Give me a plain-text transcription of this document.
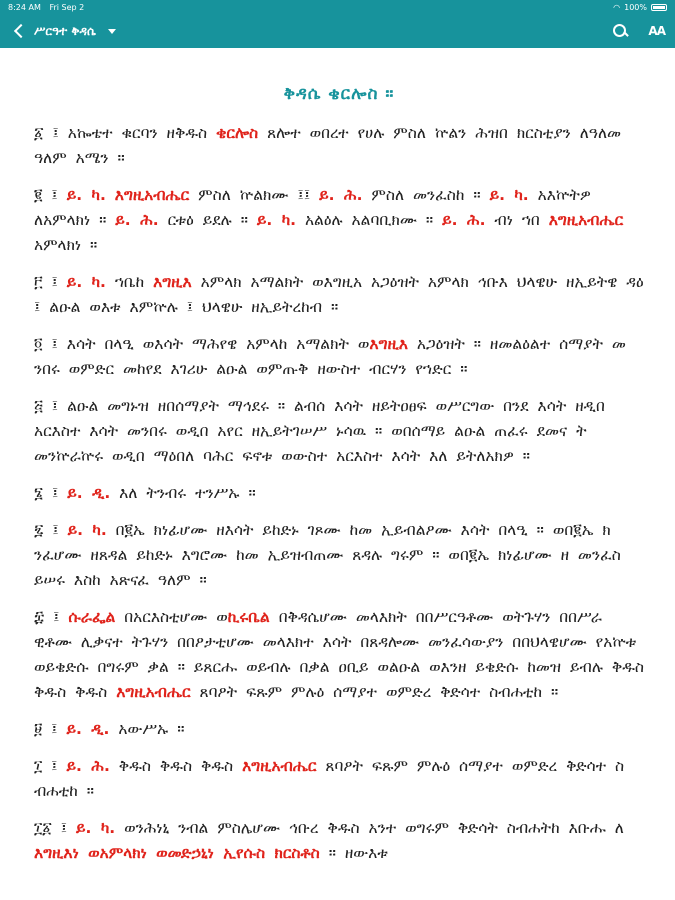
8:24 AM Fri Sep 2	◠ 100%
ሥርዓተ ቅዳሴ	AA
ቅዳሴ ቄርሎስ ።

፩ ፤ አኰቴተ ቁርባን ዘቅዱስ ቄርሎስ ጸሎተ ወበረተ የሀሉ ምስለ ኵልን ሕዝበ ክርስቲያን ለዓለመ ዓለም አሜን ።

፪ ፤ ይ. ካ. እግዚአብሔር ምስለ ኵልክሙ ፤፤ ይ. ሕ. ምስለ መንፈስከ ። ይ. ካ. አእኵትዎ ለአምላክነ ። ይ. ሕ. ርቱዕ ይደሉ ። ይ. ካ. አልዕሉ አልባቢክሙ ። ይ. ሕ. ብነ ኀበ እግዚአብሔር አምላክነ ።

፫ ፤ ይ. ካ. ኀቤከ እግዚእ አምላክ አማልክት ወእግዚአ አጋዕዝት አምላክ ኅቡእ ህላዌሁ ዘኢይትዌ ዳዕ ፤ ልዑል ወእቱ እምኵሉ ፤ ህላዌሁ ዘኢይትረከብ ።

፬ ፤ እሳት በላዒ ወእሳት ማሕየዌ አምላከ አማልክት ወእግዚእ አጋዕዝት ። ዘመልዕልተ ሰማያት መ ንበሩ ወምድር መከየደ እገሪሁ ልዑል ወምጡቅ ዘውስተ ብርሃን የኀድር ።

፭ ፤ ልዑል መግኑዝ ዘበሰማያት ማኅደሩ ። ልብሰ እሳት ዘይትዐፀፍ ወሥርግው በንደ እሳት ዘዲበ አርእስተ እሳት መንበሩ ወዲበ አየር ዘኢይትገሠሥ ኑሳዉ ። ወበሰማይ ልዑል ጠፈሩ ደመና ት መንኵራኵሩ ወዲበ ማዕበለ ባሕር ፍኖቱ ወውስተ አርእስተ እሳት እለ ይትለአክዎ ።

፮ ፤ ይ. ዲ. እለ ትንብሩ ተንሥኡ ።

፯ ፤ ይ. ካ. በ፪ኤ ክነፊሆሙ ዘእሳት ይከድኑ ገጾሙ ከመ ኢይብልዖሙ እሳት በላዒ ። ወበ፪ኤ ክ ንፈሆሙ ዘጸዳል ይከድኑ እግሮሙ ከመ ኢይዝብጠሙ ጸዳሉ ግሩም ። ወበ፪ኤ ክነፊሆሙ ዘ መንፈስ ይሠሩ እስከ አጽናፈ ዓለም ።

፰ ፤ ሱራፌል በአርእስቲሆሙ ወኪሩቤል በቅዳሴሆሙ መላእክት በበሥርዓቶሙ ወትጉሃን በበሥራ ዊቶሙ ሊቃናተ ትጉሃን በበዖታቲሆሙ መላእክተ እሳት በጸዳሎሙ መንፈሳውያን በበህላዌሆሙ የአኵቱ ወይቄድሱ በግሩም ቃል ። ይጸርሑ ወይብሉ በቃል ዐቢይ ወልዑል ወእንዘ ይቄድሱ ከመዝ ይብሉ ቅዱስ ቅዱስ ቅዱስ እግዚአብሔር ጸባዖት ፍጹም ምሉዕ ሰማያተ ወምድረ ቅድሳተ ስብሐቲከ ።

፱ ፤ ይ. ዲ. አውሥኡ ።

፲ ፤ ይ. ሕ. ቅዱስ ቅዱስ ቅዱስ እግዚአብሔር ጸባዖት ፍጹም ምሉዕ ሰማያተ ወምድረ ቅድሳተ ስ ብሐቲከ ።

፲፩ ፤ ይ. ካ. ወንሕነኒ ንብል ምስሌሆሙ ኅቡረ ቅዱስ አንተ ወግሩም ቅድሳት ስብሐትከ እቡሑ ለ እግዚእነ ወአምላክነ ወመድኃኒነ ኢየሱስ ክርስቶስ ። ዘውእቱ
